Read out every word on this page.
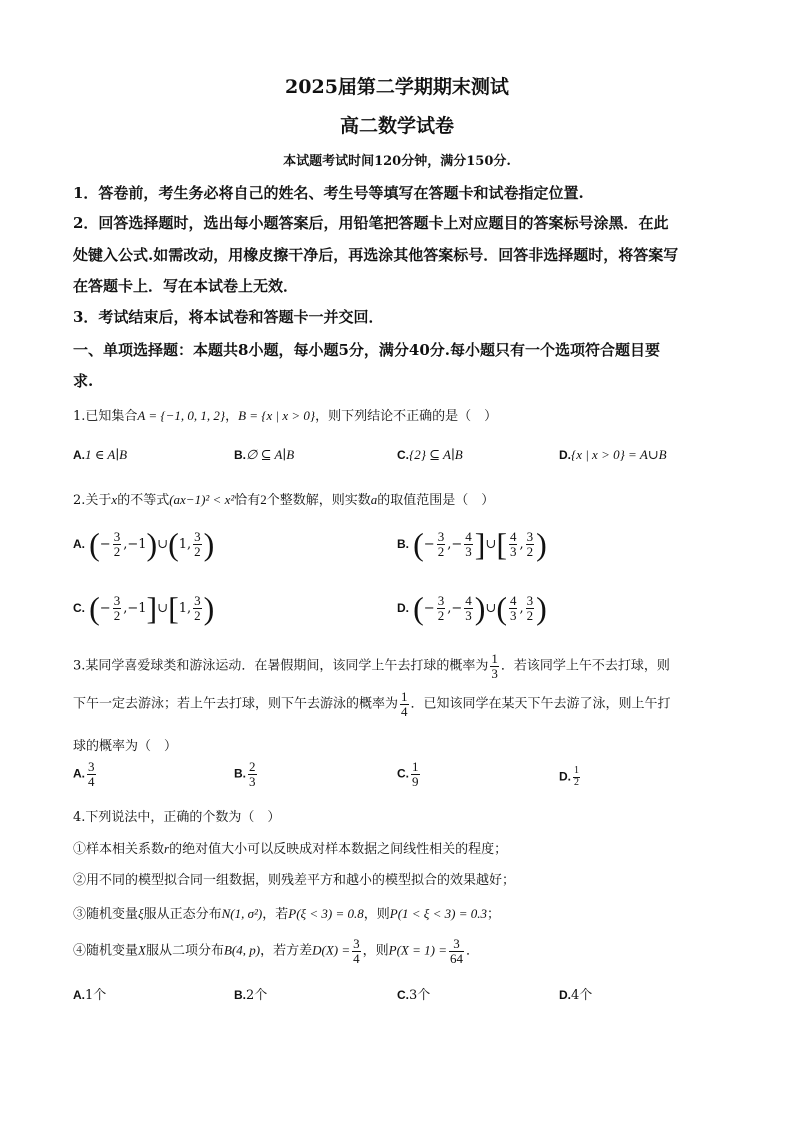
2025届第二学期期末测试
高二数学试卷
本试题考试时间120分钟，满分150分.
1．答卷前，考生务必将自己的姓名、考生号等填写在答题卡和试卷指定位置.
2．回答选择题时，选出每小题答案后，用铅笔把答题卡上对应题目的答案标号涂黑．在此
处键入公式.如需改动，用橡皮擦干净后，再选涂其他答案标号．回答非选择题时，将答案写
在答题卡上．写在本试卷上无效．
3．考试结束后，将本试卷和答题卡一并交回．
一、单项选择题：本题共8小题，每小题5分，满分40分.每小题只有一个选项符合题目要
求.
1.已知集合A = {−1, 0, 1, 2}，B = {x | x > 0}，则下列结论不正确的是（　）
A.1 ∈ A∣B	B.∅ ⊆ A∣B	C.{2} ⊆ A∣B	D.{x | x > 0} = A∪B
2.关于x的不等式(ax−1)² < x²恰有2个整数解，则实数a的取值范围是（　）
A. (− $\frac{3}{2}$ ,−1)∪(1, $\frac{3}{2}$ )	B. (− $\frac{3}{2}$ ,− $\frac{4}{3}$ ]∪[ $\frac{4}{3}$ , $\frac{3}{2}$ )
C. (− $\frac{3}{2}$ ,−1]∪[1, $\frac{3}{2}$ )	D. (− $\frac{3}{2}$ ,− $\frac{4}{3}$ )∪( $\frac{4}{3}$ , $\frac{3}{2}$ )
3.某同学喜爱球类和游泳运动．在暑假期间，该同学上午去打球的概率为 $\frac{1}{3}$ ．若该同学上午不去打球，则
下午一定去游泳；若上午去打球，则下午去游泳的概率为 $\frac{1}{4}$ ．已知该同学在某天下午去游了泳，则上午打
球的概率为（　）
A. $\frac{3}{4}$	B. $\frac{2}{3}$	C. $\frac{1}{9}$	D. $\frac{1}{2}$
4.下列说法中，正确的个数为（　）
①样本相关系数r的绝对值大小可以反映成对样本数据之间线性相关的程度；
②用不同的模型拟合同一组数据，则残差平方和越小的模型拟合的效果越好；
③随机变量ξ服从正态分布N(1, σ²)，若P(ξ < 3) = 0.8，则P(1 < ξ < 3) = 0.3；
④随机变量X服从二项分布B(4, p)，若方差$D(X) = \frac{3}{4}$ ，则$P(X = 1) = \frac{3}{64}$ ．
A.1个	B.2个	C.3个	D.4个
